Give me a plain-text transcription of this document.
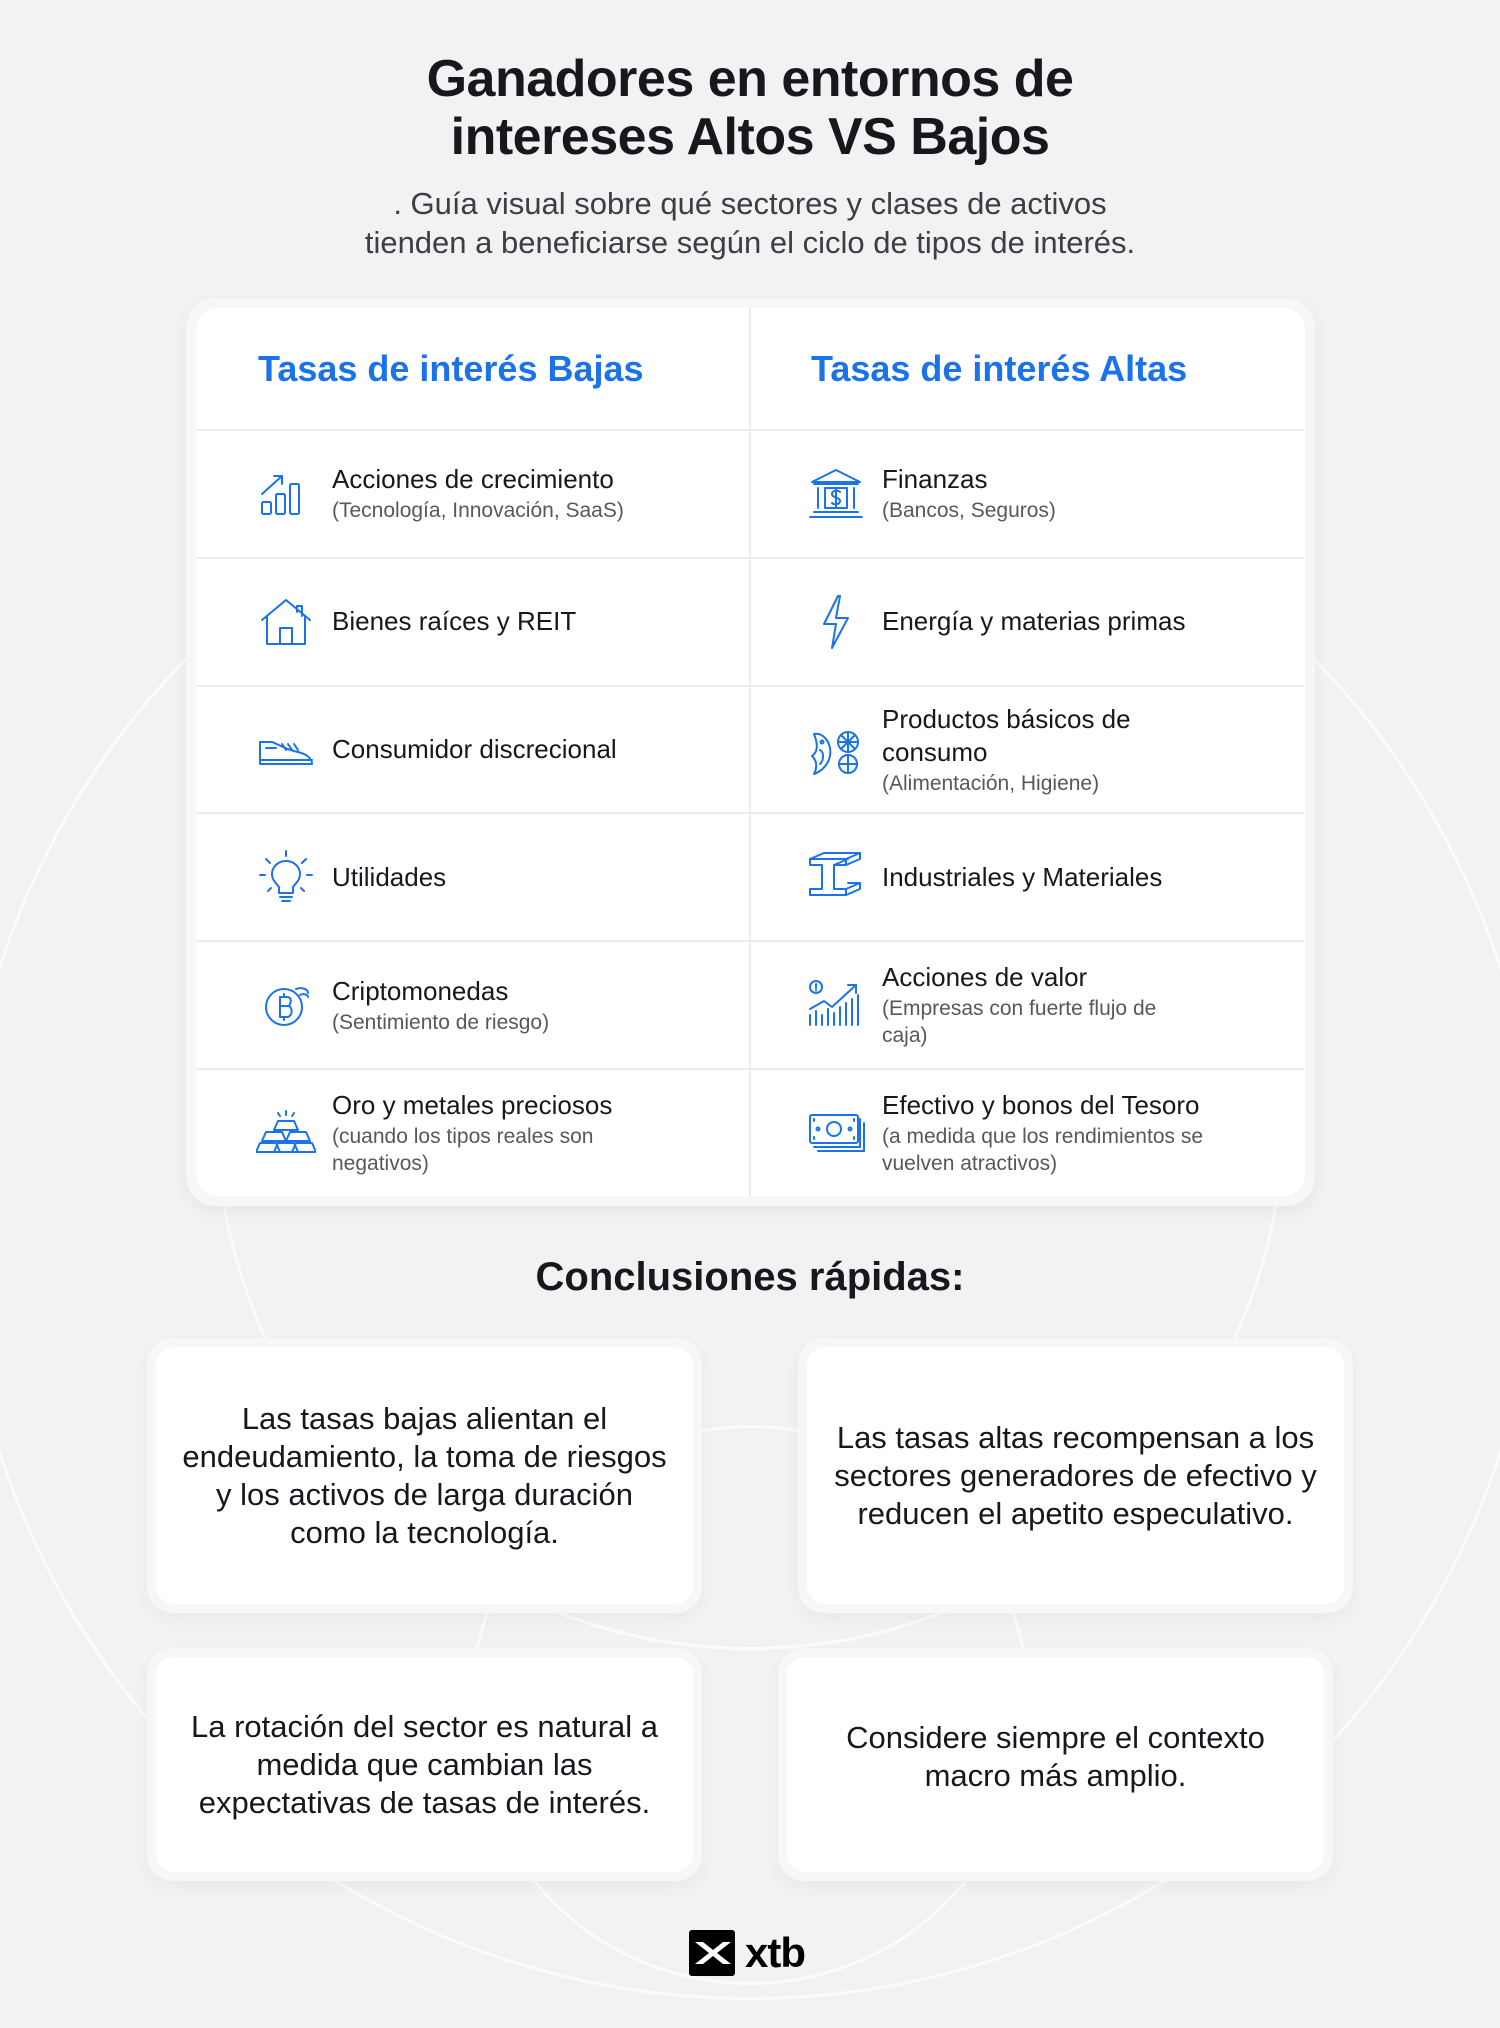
Ganadores en entornos de
intereses Altos VS Bajos
. Guía visual sobre qué sectores y clases de activos
tienden a beneficiarse según el ciclo de tipos de interés.
Tasas de interés Bajas
Acciones de crecimiento
(Tecnología, Innovación, SaaS)
Bienes raíces y REIT
Consumidor discrecional
Utilidades
Criptomonedas
(Sentimiento de riesgo)
Oro y metales preciosos
(cuando los tipos reales son negativos)
Tasas de interés Altas
Finanzas
(Bancos, Seguros)
Energía y materias primas
Productos básicos de consumo
(Alimentación, Higiene)
Industriales y Materiales
Acciones de valor
(Empresas con fuerte flujo de caja)
Efectivo y bonos del Tesoro
(a medida que los rendimientos se vuelven atractivos)
Conclusiones rápidas:
Las tasas bajas alientan el endeudamiento, la toma de riesgos y los activos de larga duración como la tecnología.
Las tasas altas recompensan a los sectores generadores de efectivo y reducen el apetito especulativo.
La rotación del sector es natural a medida que cambian las expectativas de tasas de interés.
Considere siempre el contexto macro más amplio.
xtb
